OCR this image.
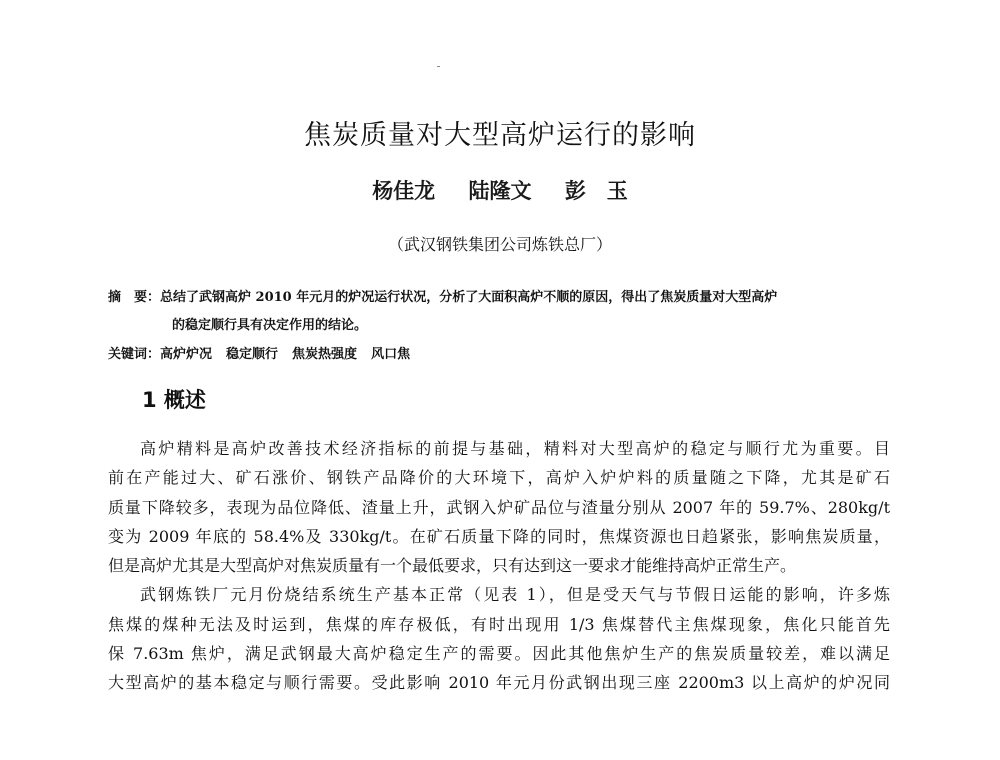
焦炭质量对大型高炉运行的影响
杨佳龙 陆隆文 彭　玉
（武汉钢铁集团公司炼铁总厂）
摘　要：总结了武钢高炉 2010 年元月的炉况运行状况，分析了大面积高炉不顺的原因，得出了焦炭质量对大型高炉
的稳定顺行具有决定作用的结论。
关键词：高炉炉况 稳定顺行 焦炭热强度 风口焦
1 概述
高炉精料是高炉改善技术经济指标的前提与基础，精料对大型高炉的稳定与顺行尤为重要。目
前在产能过大、矿石涨价、钢铁产品降价的大环境下，高炉入炉炉料的质量随之下降，尤其是矿石
质量下降较多，表现为品位降低、渣量上升，武钢入炉矿品位与渣量分别从 2007 年的 59.7%、280kg/t
变为 2009 年底的 58.4%及 330kg/t。在矿石质量下降的同时，焦煤资源也日趋紧张，影响焦炭质量，
但是高炉尤其是大型高炉对焦炭质量有一个最低要求，只有达到这一要求才能维持高炉正常生产。
武钢炼铁厂元月份烧结系统生产基本正常（见表 1），但是受天气与节假日运能的影响，许多炼
焦煤的煤种无法及时运到，焦煤的库存极低，有时出现用 1/3 焦煤替代主焦煤现象，焦化只能首先
保 7.63m 焦炉，满足武钢最大高炉稳定生产的需要。因此其他焦炉生产的焦炭质量较差，难以满足
大型高炉的基本稳定与顺行需要。受此影响 2010 年元月份武钢出现三座 2200m3 以上高炉的炉况同
